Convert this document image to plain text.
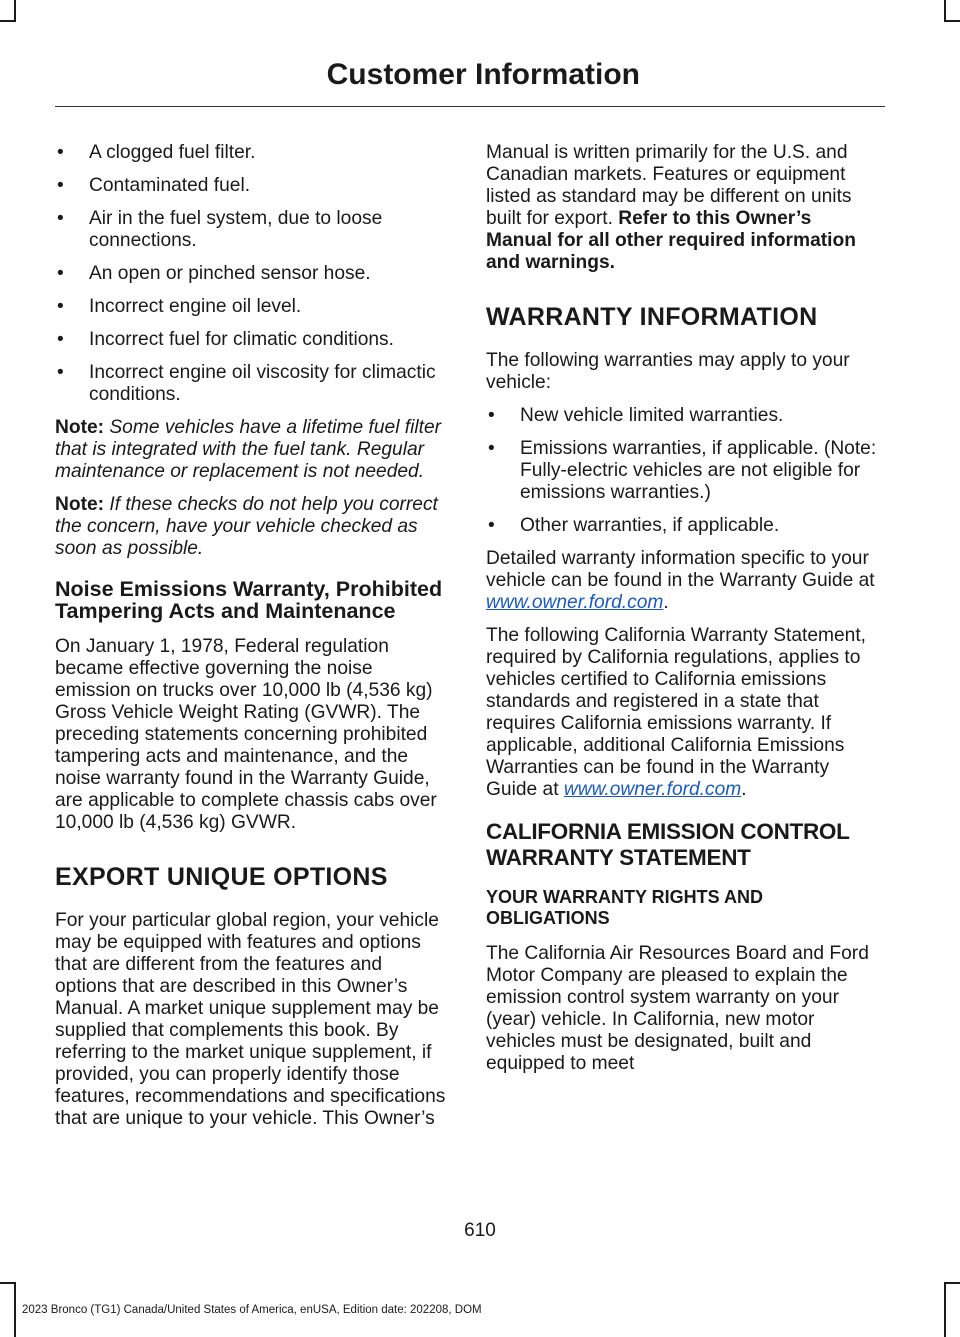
Customer Information
• A clogged fuel filter.
• Contaminated fuel.
• Air in the fuel system, due to loose connections.
• An open or pinched sensor hose.
• Incorrect engine oil level.
• Incorrect fuel for climatic conditions.
• Incorrect engine oil viscosity for climactic conditions.

Note: Some vehicles have a lifetime fuel filter that is integrated with the fuel tank. Regular maintenance or replacement is not needed.

Note: If these checks do not help you correct the concern, have your vehicle checked as soon as possible.

Noise Emissions Warranty, Prohibited Tampering Acts and Maintenance

On January 1, 1978, Federal regulation became effective governing the noise emission on trucks over 10,000 lb (4,536 kg) Gross Vehicle Weight Rating (GVWR). The preceding statements concerning prohibited tampering acts and maintenance, and the noise warranty found in the Warranty Guide, are applicable to complete chassis cabs over 10,000 lb (4,536 kg) GVWR.

EXPORT UNIQUE OPTIONS

For your particular global region, your vehicle may be equipped with features and options that are different from the features and options that are described in this Owner’s Manual. A market unique supplement may be supplied that complements this book. By referring to the market unique supplement, if provided, you can properly identify those features, recommendations and specifications that are unique to your vehicle. This Owner’s

Manual is written primarily for the U.S. and Canadian markets. Features or equipment listed as standard may be different on units built for export. Refer to this Owner’s Manual for all other required information and warnings.

WARRANTY INFORMATION

The following warranties may apply to your vehicle:

• New vehicle limited warranties.
• Emissions warranties, if applicable. (Note: Fully-electric vehicles are not eligible for emissions warranties.)
• Other warranties, if applicable.

Detailed warranty information specific to your vehicle can be found in the Warranty Guide at www.owner.ford.com.

The following California Warranty Statement, required by California regulations, applies to vehicles certified to California emissions standards and registered in a state that requires California emissions warranty. If applicable, additional California Emissions Warranties can be found in the Warranty Guide at www.owner.ford.com.

CALIFORNIA EMISSION CONTROL WARRANTY STATEMENT
YOUR WARRANTY RIGHTS AND OBLIGATIONS

The California Air Resources Board and Ford Motor Company are pleased to explain the emission control system warranty on your (year) vehicle. In California, new motor vehicles must be designated, built and equipped to meet

610
2023 Bronco (TG1) Canada/United States of America, enUSA, Edition date: 202208, DOM
